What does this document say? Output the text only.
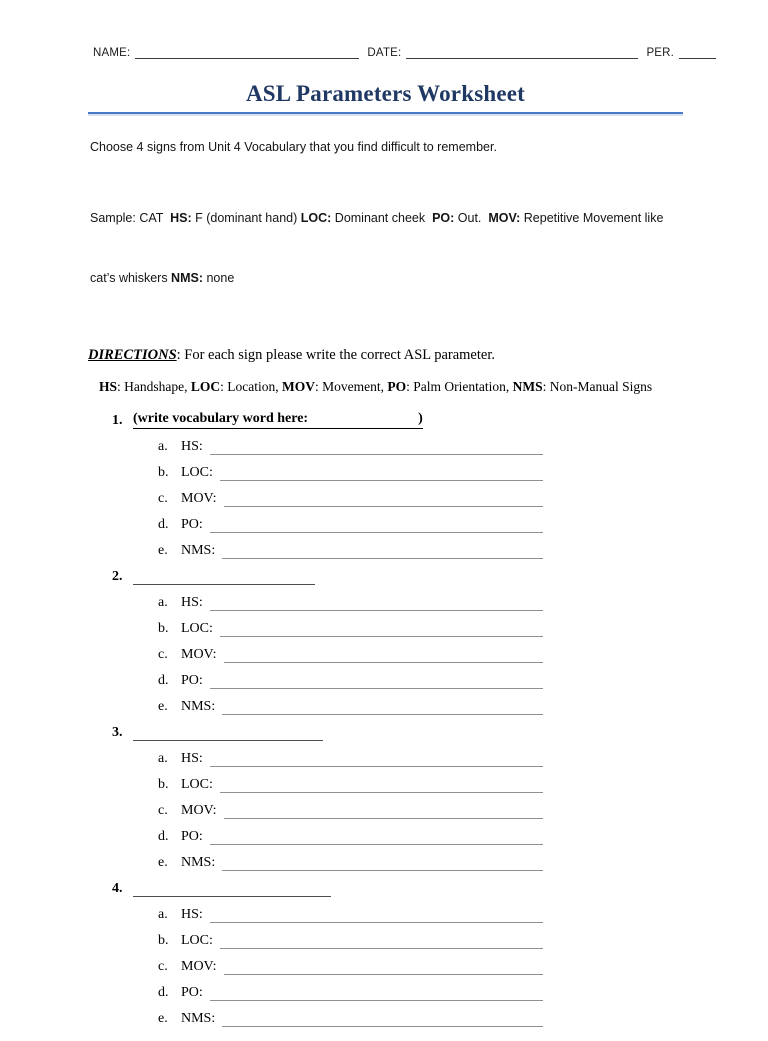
NAME:	DATE:	PER.
ASL Parameters Worksheet
Choose 4 signs from Unit 4 Vocabulary that you find difficult to remember.

Sample: CAT  HS: F (dominant hand) LOC: Dominant cheek  PO: Out.  MOV: Repetitive Movement like

cat’s whiskers NMS: none

DIRECTIONS: For each sign please write the correct ASL parameter.
HS: Handshape, LOC: Location, MOV: Movement, PO: Palm Orientation, NMS: Non-Manual Signs
1. (write vocabulary word here:	)
a. HS:
b. LOC:
c. MOV:
d. PO:
e. NMS:
2.
a. HS:
b. LOC:
c. MOV:
d. PO:
e. NMS:
3.
a. HS:
b. LOC:
c. MOV:
d. PO:
e. NMS:
4.
a. HS:
b. LOC:
c. MOV:
d. PO:
e. NMS:
